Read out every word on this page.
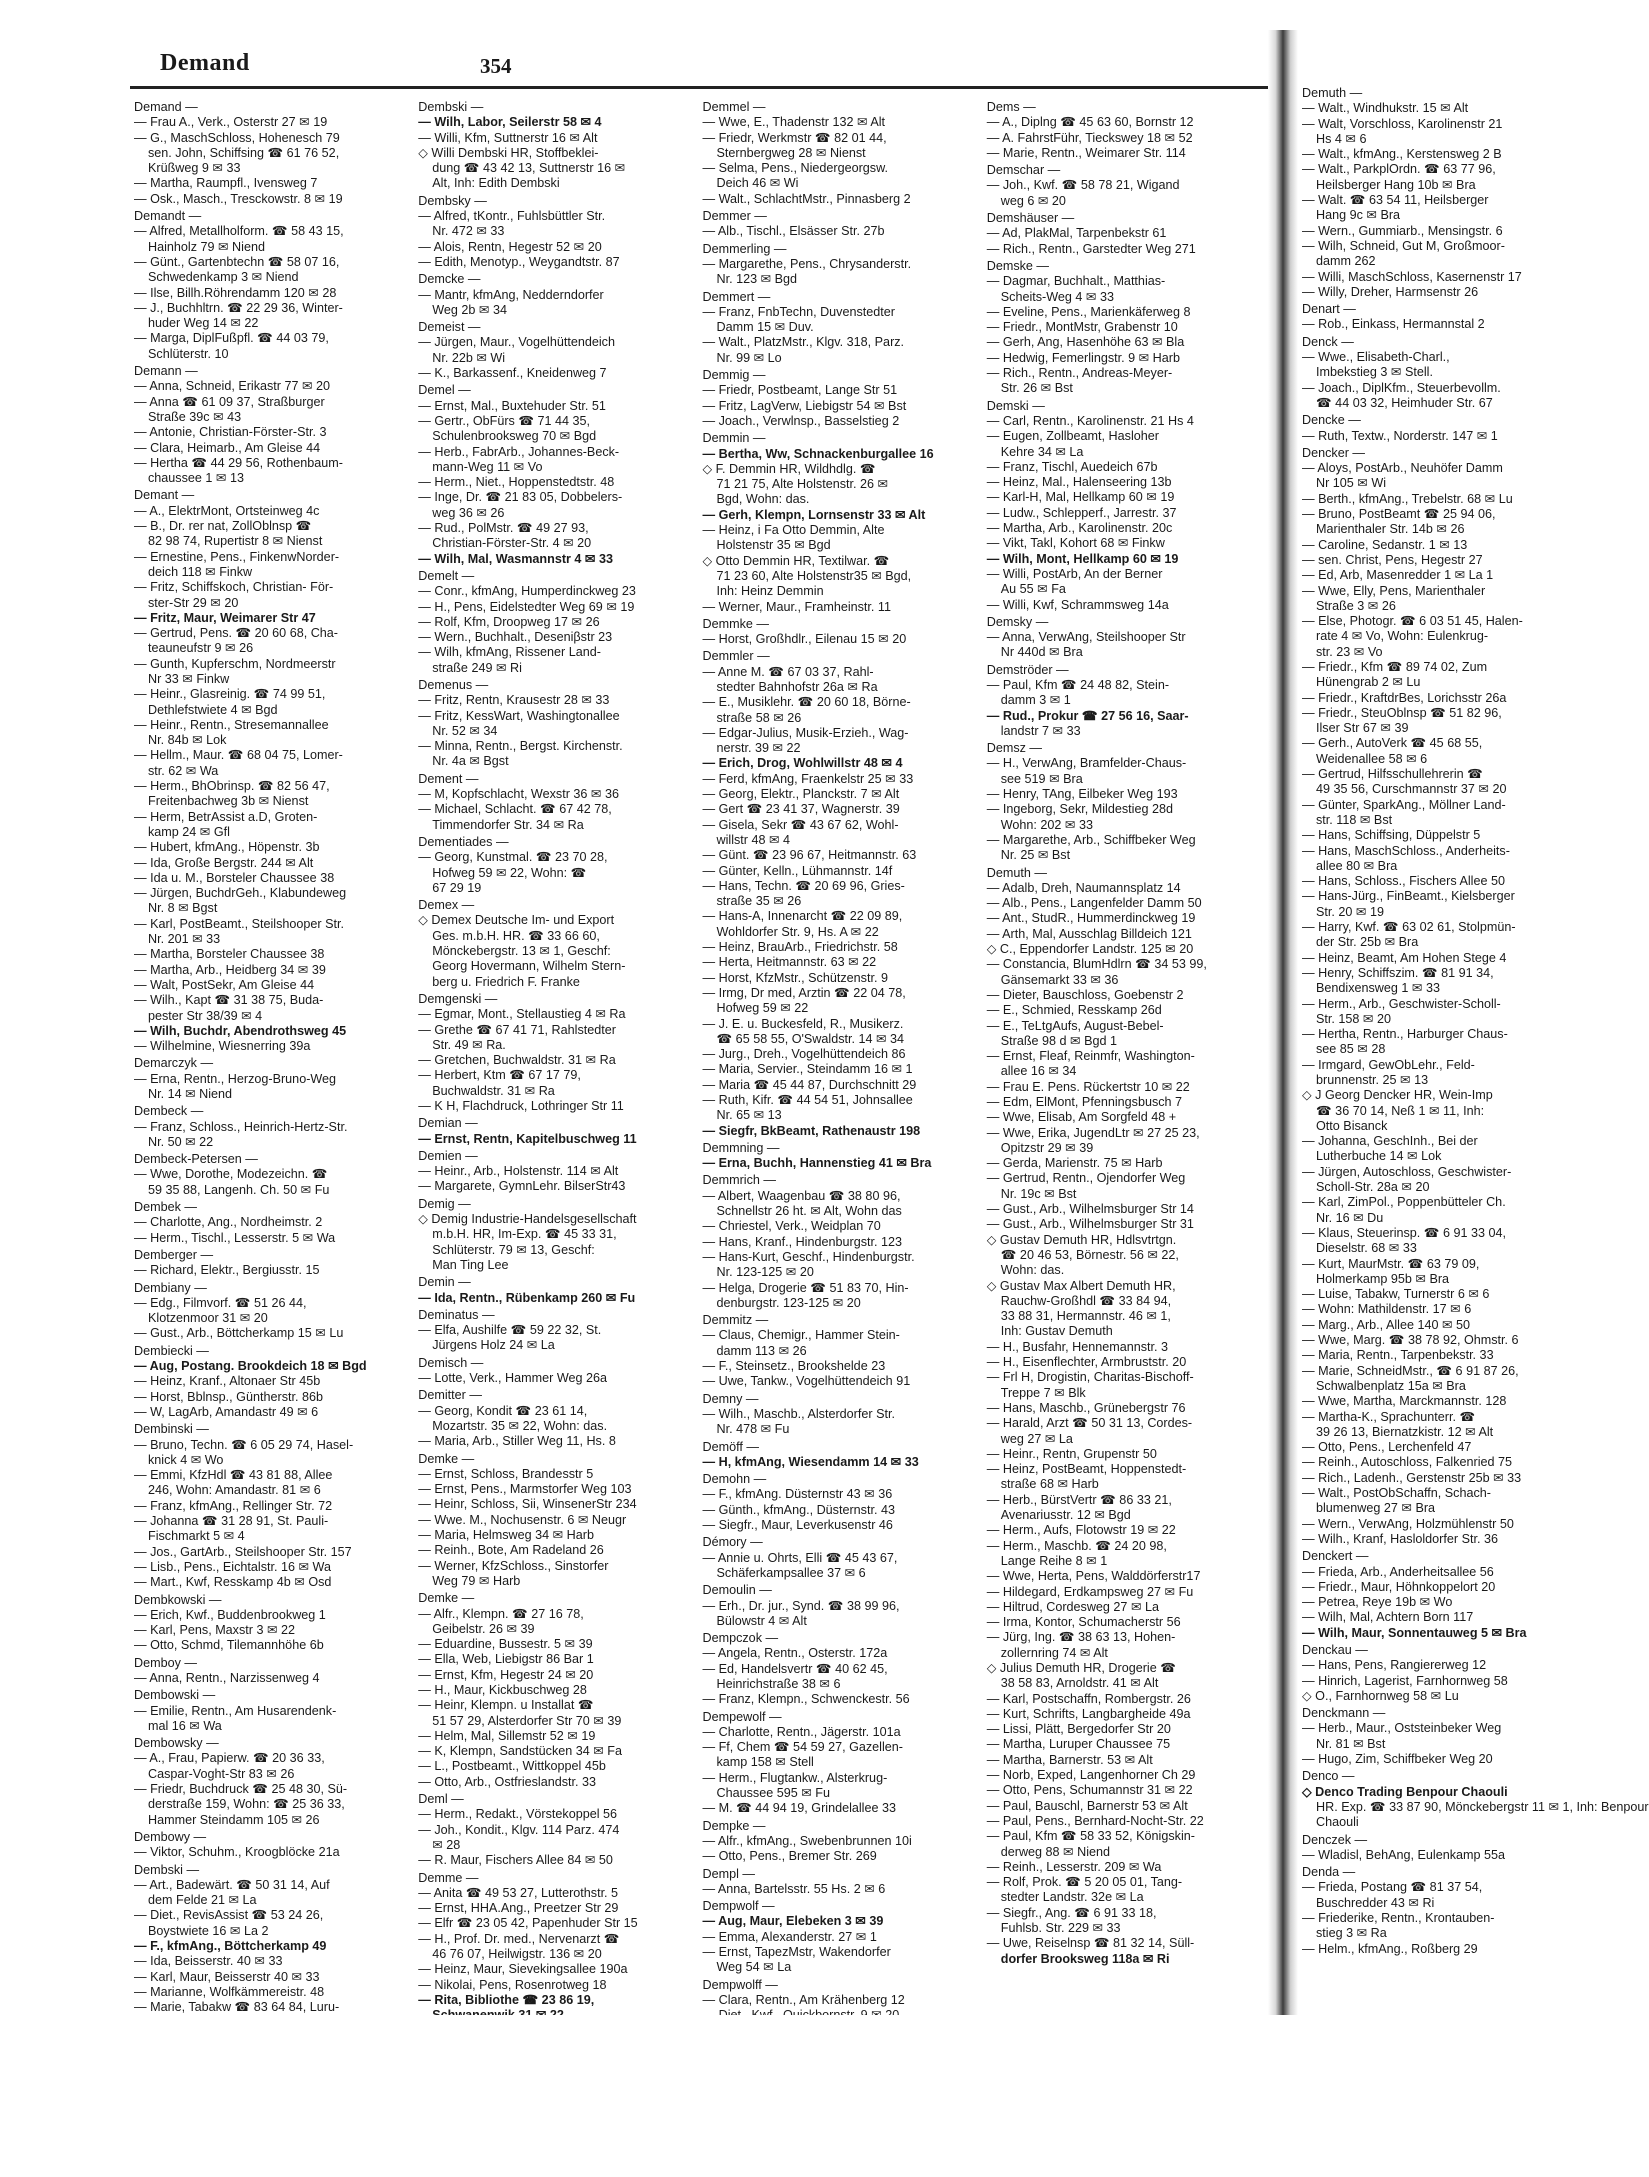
Demand	354
Demand —
— Frau A., Verk., Osterstr 27 ✉ 19
— G., MaschSchloss, Hohenesch 79
sen. John, Schiffsing ☎ 61 76 52,
Krüßweg 9 ✉ 33
— Martha, Raumpfl., Ivensweg 7
— Osk., Masch., Tresckowstr. 8 ✉ 19
Demandt —
— Alfred, Metallholform. ☎ 58 43 15,
Hainholz 79 ✉ Niend
— Günt., Gartenbtechn ☎ 58 07 16,
Schwedenkamp 3 ✉ Niend
— Ilse, Billh.Röhrendamm 120 ✉ 28
— J., Buchhltrn. ☎ 22 29 36, Winter-
huder Weg 14 ✉ 22
— Marga, DiplFußpfl. ☎ 44 03 79,
Schlüterstr. 10
Demann —
— Anna, Schneid, Erikastr 77 ✉ 20
— Anna ☎ 61 09 37, Straßburger
Straße 39c ✉ 43
— Antonie, Christian-Förster-Str. 3
— Clara, Heimarb., Am Gleise 44
— Hertha ☎ 44 29 56, Rothenbaum-
chaussee 1 ✉ 13
Demant —
— A., ElektrMont, Ortsteinweg 4c
— B., Dr. rer nat, ZollOblnsp ☎
82 98 74, Rupertistr 8 ✉ Nienst
— Ernestine, Pens., FinkenwNorder-
deich 118 ✉ Finkw
— Fritz, Schiffskoch, Christian- För-
ster-Str 29 ✉ 20
— Fritz, Maur, Weimarer Str 47
— Gertrud, Pens. ☎ 20 60 68, Cha-
teauneufstr 9 ✉ 26
— Gunth, Kupferschm, Nordmeerstr
Nr 33 ✉ Finkw
— Heinr., Glasreinig. ☎ 74 99 51,
Dethlefstwiete 4 ✉ Bgd
— Heinr., Rentn., Stresemannallee
Nr. 84b ✉ Lok
— Hellm., Maur. ☎ 68 04 75, Lomer-
str. 62 ✉ Wa
— Herm., BhObrinsp. ☎ 82 56 47,
Freitenbachweg 3b ✉ Nienst
— Herm, BetrAssist a.D, Groten-
kamp 24 ✉ Gfl
— Hubert, kfmAng., Höpenstr. 3b
— Ida, Große Bergstr. 244 ✉ Alt
— Ida u. M., Borsteler Chaussee 38
— Jürgen, BuchdrGeh., Klabundeweg
Nr. 8 ✉ Bgst
— Karl, PostBeamt., Steilshooper Str.
Nr. 201 ✉ 33
— Martha, Borsteler Chaussee 38
— Martha, Arb., Heidberg 34 ✉ 39
— Walt, PostSekr, Am Gleise 44
— Wilh., Kapt ☎ 31 38 75, Buda-
pester Str 38/39 ✉ 4
— Wilh, Buchdr, Abendrothsweg 45
— Wilhelmine, Wiesnerring 39a
Demarczyk —
— Erna, Rentn., Herzog-Bruno-Weg
Nr. 14 ✉ Niend
Dembeck —
— Franz, Schloss., Heinrich-Hertz-Str.
Nr. 50 ✉ 22
Dembeck-Petersen —
— Wwe, Dorothe, Modezeichn. ☎
59 35 88, Langenh. Ch. 50 ✉ Fu
Dembek —
— Charlotte, Ang., Nordheimstr. 2
— Herm., Tischl., Lesserstr. 5 ✉ Wa
Demberger —
— Richard, Elektr., Bergiusstr. 15
Dembiany —
— Edg., Filmvorf. ☎ 51 26 44,
Klotzenmoor 31 ✉ 20
— Gust., Arb., Böttcherkamp 15 ✉ Lu
Dembiecki —
— Aug, Postang. Brookdeich 18 ✉ Bgd
— Heinz, Kranf., Altonaer Str 45b
— Horst, Bblnsp., Güntherstr. 86b
— W, LagArb, Amandastr 49 ✉ 6
Dembinski —
— Bruno, Techn. ☎ 6 05 29 74, Hasel-
knick 4 ✉ Wo
— Emmi, KfzHdl ☎ 43 81 88, Allee
246, Wohn: Amandastr. 81 ✉ 6
— Franz, kfmAng., Rellinger Str. 72
— Johanna ☎ 31 28 91, St. Pauli-
Fischmarkt 5 ✉ 4
— Jos., GartArb., Steilshooper Str. 157
— Lisb., Pens., Eichtalstr. 16 ✉ Wa
— Mart., Kwf, Resskamp 4b ✉ Osd
Dembkowski —
— Erich, Kwf., Buddenbrookweg 1
— Karl, Pens, Maxstr 3 ✉ 22
— Otto, Schmd, Tilemannhöhe 6b
Demboy —
— Anna, Rentn., Narzissenweg 4
Dembowski —
— Emilie, Rentn., Am Husarendenk-
mal 16 ✉ Wa
Dembowsky —
— A., Frau, Papierw. ☎ 20 36 33,
Caspar-Voght-Str 83 ✉ 26
— Friedr, Buchdruck ☎ 25 48 30, Sü-
derstraße 159, Wohn: ☎ 25 36 33,
Hammer Steindamm 105 ✉ 26
Dembowy —
— Viktor, Schuhm., Kroogblöcke 21a
Dembski —
— Art., Badewärt. ☎ 50 31 14, Auf
dem Felde 21 ✉ La
— Diet., RevisAssist ☎ 53 24 26,
Boystwiete 16 ✉ La 2
— F., kfmAng., Böttcherkamp 49
— Ida, Beisserstr. 40 ✉ 33
— Karl, Maur, Beisserstr 40 ✉ 33
— Marianne, Wolfkämmereistr. 48
— Marie, Tabakw ☎ 83 64 84, Luru-
Dembski —
— Wilh, Labor, Seilerstr 58 ✉ 4
— Willi, Kfm, Suttnerstr 16 ✉ Alt
◇ Willi Dembski HR, Stoffbeklei-
dung ☎ 43 42 13, Suttnerstr 16 ✉
Alt, Inh: Edith Dembski
Dembsky —
— Alfred, tKontr., Fuhlsbüttler Str.
Nr. 472 ✉ 33
— Alois, Rentn, Hegestr 52 ✉ 20
— Edith, Menotyp., Weygandtstr. 87
Demcke —
— Mantr, kfmAng, Nedderndorfer
Weg 2b ✉ 34
Demeist —
— Jürgen, Maur., Vogelhüttendeich
Nr. 22b ✉ Wi
— K., Barkassenf., Kneidenweg 7
Demel —
— Ernst, Mal., Buxtehuder Str. 51
— Gertr., ObFürs ☎ 71 44 35,
Schulenbrooksweg 70 ✉ Bgd
— Herb., FabrArb., Johannes-Beck-
mann-Weg 11 ✉ Vo
— Herm., Niet., Hoppenstedtstr. 48
— Inge, Dr. ☎ 21 83 05, Dobbelers-
weg 36 ✉ 26
— Rud., PolMstr. ☎ 49 27 93,
Christian-Förster-Str. 4 ✉ 20
— Wilh, Mal, Wasmannstr 4 ✉ 33
Demelt —
— Conr., kfmAng, Humperdinckweg 23
— H., Pens, Eidelstedter Weg 69 ✉ 19
— Rolf, Kfm, Droopweg 17 ✉ 26
— Wern., Buchhalt., Deseniβstr 23
— Wilh, kfmAng, Rissener Land-
straße 249 ✉ Ri
Demenus —
— Fritz, Rentn, Krausestr 28 ✉ 33
— Fritz, KessWart, Washingtonallee
Nr. 52 ✉ 34
— Minna, Rentn., Bergst. Kirchenstr.
Nr. 4a ✉ Bgst
Dement —
— M, Kopfschlacht, Wexstr 36 ✉ 36
— Michael, Schlacht. ☎ 67 42 78,
Timmendorfer Str. 34 ✉ Ra
Dementiades —
— Georg, Kunstmal. ☎ 23 70 28,
Hofweg 59 ✉ 22, Wohn: ☎
67 29 19
Demex —
◇ Demex Deutsche Im- und Export
Ges. m.b.H. HR. ☎ 33 66 60,
Mönckebergstr. 13 ✉ 1, Geschf:
Georg Hovermann, Wilhelm Stern-
berg u. Friedrich F. Franke
Demgenski —
— Egmar, Mont., Stellaustieg 4 ✉ Ra
— Grethe ☎ 67 41 71, Rahlstedter
Str. 49 ✉ Ra.
— Gretchen, Buchwaldstr. 31 ✉ Ra
— Herbert, Ktm ☎ 67 17 79,
Buchwaldstr. 31 ✉ Ra
— K H, Flachdruck, Lothringer Str 11
Demian —
— Ernst, Rentn, Kapitelbuschweg 11
Demien —
— Heinr., Arb., Holstenstr. 114 ✉ Alt
— Margarete, GymnLehr. BilserStr43
Demig —
◇ Demig Industrie-Handelsgesellschaft
m.b.H. HR, Im-Exp. ☎ 45 33 31,
Schlüterstr. 79 ✉ 13, Geschf:
Man Ting Lee
Demin —
— Ida, Rentn., Rübenkamp 260 ✉ Fu
Deminatus —
— Elfa, Aushilfe ☎ 59 22 32, St.
Jürgens Holz 24 ✉ La
Demisch —
— Lotte, Verk., Hammer Weg 26a
Demitter —
— Georg, Kondit ☎ 23 61 14,
Mozartstr. 35 ✉ 22, Wohn: das.
— Maria, Arb., Stiller Weg 11, Hs. 8
Demke —
— Ernst, Schloss, Brandesstr 5
— Ernst, Pens., Marmstorfer Weg 103
— Heinr, Schloss, Sii, WinsenerStr 234
— Wwe. M., Nochusenstr. 6 ✉ Neugr
— Maria, Helmsweg 34 ✉ Harb
— Reinh., Bote, Am Radeland 26
— Werner, KfzSchloss., Sinstorfer
Weg 79 ✉ Harb
Demke —
— Alfr., Klempn. ☎ 27 16 78,
Geibelstr. 26 ✉ 39
— Eduardine, Bussestr. 5 ✉ 39
— Ella, Web, Liebigstr 86 Bar 1
— Ernst, Kfm, Hegestr 24 ✉ 20
— H., Maur, Kickbuschweg 28
— Heinr, Klempn. u Installat ☎
51 57 29, Alsterdorfer Str 70 ✉ 39
— Helm, Mal, Sillemstr 52 ✉ 19
— K, Klempn, Sandstücken 34 ✉ Fa
— L., Postbeamt., Wittkoppel 45b
— Otto, Arb., Ostfrieslandstr. 33
Deml —
— Herm., Redakt., Vörstekoppel 56
— Joh., Kondit., Klgv. 114 Parz. 474
✉ 28
— R. Maur, Fischers Allee 84 ✉ 50
Demme —
— Anita ☎ 49 53 27, Lutterothstr. 5
— Ernst, HHA.Ang., Preetzer Str 29
— Elfr ☎ 23 05 42, Papenhuder Str 15
— H., Prof. Dr. med., Nervenarzt ☎
46 76 07, Heilwigstr. 136 ✉ 20
— Heinz, Maur, Sievekingsallee 190a
— Nikolai, Pens, Rosenrotweg 18
— Rita, Bibliothe ☎ 23 86 19,
Demmel —
— Wwe, E., Thadenstr 132 ✉ Alt
— Friedr, Werkmstr ☎ 82 01 44,
Sternbergweg 28 ✉ Nienst
— Selma, Pens., Niedergeorgsw.
Deich 46 ✉ Wi
— Walt., SchlachtMstr., Pinnasberg 2
Demmer —
— Alb., Tischl., Elsässer Str. 27b
Demmerling —
— Margarethe, Pens., Chrysanderstr.
Nr. 123 ✉ Bgd
Demmert —
— Franz, FnbTechn, Duvenstedter
Damm 15 ✉ Duv.
— Walt., PlatzMstr., Klgv. 318, Parz.
Nr. 99 ✉ Lo
Demmig —
— Friedr, Postbeamt, Lange Str 51
— Fritz, LagVerw, Liebigstr 54 ✉ Bst
— Joach., Verwlnsp., Basselstieg 2
Demmin —
— Bertha, Ww, Schnackenburgallee 16
◇ F. Demmin HR, Wildhdlg. ☎
71 21 75, Alte Holstenstr. 26 ✉
Bgd, Wohn: das.
— Gerh, Klempn, Lornsenstr 33 ✉ Alt
— Heinz, i Fa Otto Demmin, Alte
Holstenstr 35 ✉ Bgd
◇ Otto Demmin HR, Textilwar. ☎
71 23 60, Alte Holstenstr35 ✉ Bgd,
Inh: Heinz Demmin
— Werner, Maur., Framheinstr. 11
Demmke —
— Horst, Großhdlr., Eilenau 15 ✉ 20
Demmler —
— Anne M. ☎ 67 03 37, Rahl-
stedter Bahnhofstr 26a ✉ Ra
— E., Musiklehr. ☎ 20 60 18, Börne-
straße 58 ✉ 26
— Edgar-Julius, Musik-Erzieh., Wag-
nerstr. 39 ✉ 22
— Erich, Drog, Wohlwillstr 48 ✉ 4
— Ferd, kfmAng, Fraenkelstr 25 ✉ 33
— Georg, Elektr., Planckstr. 7 ✉ Alt
— Gert ☎ 23 41 37, Wagnerstr. 39
— Gisela, Sekr ☎ 43 67 62, Wohl-
willstr 48 ✉ 4
— Günt. ☎ 23 96 67, Heitmannstr. 63
— Günter, Kelln., Lühmannstr. 14f
— Hans, Techn. ☎ 20 69 96, Gries-
straße 35 ✉ 26
— Hans-A, Innenarcht ☎ 22 09 89,
Wohldorfer Str. 9, Hs. A ✉ 22
— Heinz, BrauArb., Friedrichstr. 58
— Herta, Heitmannstr. 63 ✉ 22
— Horst, KfzMstr., Schützenstr. 9
— Irmg, Dr med, Arztin ☎ 22 04 78,
Hofweg 59 ✉ 22
— J. E. u. Buckesfeld, R., Musikerz.
☎ 65 58 55, O'Swaldstr. 14 ✉ 34
— Jurg., Dreh., Vogelhüttendeich 86
— Maria, Servier., Steindamm 16 ✉ 1
— Maria ☎ 45 44 87, Durchschnitt 29
— Ruth, Kifr. ☎ 44 54 51, Johnsallee
Nr. 65 ✉ 13
— Siegfr, BkBeamt, Rathenaustr 198
Demmning —
— Erna, Buchh, Hannenstieg 41 ✉ Bra
Demmrich —
— Albert, Waagenbau ☎ 38 80 96,
Schnellstr 26 ht. ✉ Alt, Wohn das
— Chriestel, Verk., Weidplan 70
— Hans, Kranf., Hindenburgstr. 123
— Hans-Kurt, Geschf., Hindenburgstr.
Nr. 123-125 ✉ 20
— Helga, Drogerie ☎ 51 83 70, Hin-
denburgstr. 123-125 ✉ 20
Demmitz —
— Claus, Chemigr., Hammer Stein-
damm 113 ✉ 26
— F., Steinsetz., Brookshelde 23
— Uwe, Tankw., Vogelhüttendeich 91
Demny —
— Wilh., Maschb., Alsterdorfer Str.
Nr. 478 ✉ Fu
Demöff —
— H, kfmAng, Wiesendamm 14 ✉ 33
Demohn —
— F., kfmAng. Düsternstr 43 ✉ 36
— Günth., kfmAng., Düsternstr. 43
— Siegfr., Maur, Leverkusenstr 46
Démory —
— Annie u. Ohrts, Elli ☎ 45 43 67,
Schäferkampsallee 37 ✉ 6
Demoulin —
— Erh., Dr. jur., Synd. ☎ 38 99 96,
Bülowstr 4 ✉ Alt
Dempczok —
— Angela, Rentn., Osterstr. 172a
— Ed, Handelsvertr ☎ 40 62 45,
Heinrichstraße 38 ✉ 6
— Franz, Klempn., Schwenckestr. 56
Dempewolf —
— Charlotte, Rentn., Jägerstr. 101a
— Ff, Chem ☎ 54 59 27, Gazellen-
kamp 158 ✉ Stell
— Herm., Flugtankw., Alsterkrug-
Chaussee 595 ✉ Fu
— M. ☎ 44 94 19, Grindelallee 33
Dempke —
— Alfr., kfmAng., Swebenbrunnen 10i
— Otto, Pens., Bremer Str. 269
Dempl —
— Anna, Bartelsstr. 55 Hs. 2 ✉ 6
Dempwolf —
— Aug, Maur, Elebeken 3 ✉ 39
— Emma, Alexanderstr. 27 ✉ 1
— Ernst, TapezMstr, Wakendorfer
Weg 54 ✉ La
Dempwolff —
— Clara, Rentn., Am Krähenberg 12
Dems —
— A., Diplng ☎ 45 63 60, Bornstr 12
— A. FahrstFühr, Tieckswey 18 ✉ 52
— Marie, Rentn., Weimarer Str. 114
Demschar —
— Joh., Kwf. ☎ 58 78 21, Wigand
weg 6 ✉ 20
Demshäuser —
— Ad, PlakMal, Tarpenbekstr 61
— Rich., Rentn., Garstedter Weg 271
Demske —
— Dagmar, Buchhalt., Matthias-
Scheits-Weg 4 ✉ 33
— Eveline, Pens., Marienkäferweg 8
— Friedr., MontMstr, Grabenstr 10
— Gerh, Ang, Hasenhöhe 63 ✉ Bla
— Hedwig, Femerlingstr. 9 ✉ Harb
— Rich., Rentn., Andreas-Meyer-
Str. 26 ✉ Bst
Demski —
— Carl, Rentn., Karolinenstr. 21 Hs 4
— Eugen, Zollbeamt, Hasloher
Kehre 34 ✉ La
— Franz, Tischl, Auedeich 67b
— Heinz, Mal., Halenseering 13b
— Karl-H, Mal, Hellkamp 60 ✉ 19
— Ludw., Schlepperf., Jarrestr. 37
— Martha, Arb., Karolinenstr. 20c
— Vikt, Takl, Kohort 68 ✉ Finkw
— Wilh, Mont, Hellkamp 60 ✉ 19
— Willi, PostArb, An der Berner
Au 55 ✉ Fa
— Willi, Kwf, Schrammsweg 14a
Demsky —
— Anna, VerwAng, Steilshooper Str
Nr 440d ✉ Bra
Demströder —
— Paul, Kfm ☎ 24 48 82, Stein-
damm 3 ✉ 1
— Rud., Prokur ☎ 27 56 16, Saar-
landstr 7 ✉ 33
Demsz —
— H., VerwAng, Bramfelder-Chaus-
see 519 ✉ Bra
— Henry, TAng, Eilbeker Weg 193
— Ingeborg, Sekr, Mildestieg 28d
Wohn: 202 ✉ 33
— Margarethe, Arb., Schiffbeker Weg
Nr. 25 ✉ Bst
Demuth —
— Adalb, Dreh, Naumannsplatz 14
— Alb., Pens., Langenfelder Damm 50
— Ant., StudR., Hummerdinckweg 19
— Arth, Mal, Ausschlag Billdeich 121
◇ C., Eppendorfer Landstr. 125 ✉ 20
— Constancia, BlumHdlrn ☎ 34 53 99,
Gänsemarkt 33 ✉ 36
— Dieter, Bauschloss, Goebenstr 2
— E., Schmied, Resskamp 26d
— E., TeLtgAufs, August-Bebel-
Straße 98 d ✉ Bgd 1
— Ernst, Fleaf, Reinmfr, Washington-
allee 16 ✉ 34
— Frau E. Pens. Rückertstr 10 ✉ 22
— Edm, ElMont, Pfenningsbusch 7
— Wwe, Elisab, Am Sorgfeld 48 +
— Wwe, Erika, JugendLtr ✉ 27 25 23,
Opitzstr 29 ✉ 39
— Gerda, Marienstr. 75 ✉ Harb
— Gertrud, Rentn., Ojendorfer Weg
Nr. 19c ✉ Bst
— Gust., Arb., Wilhelmsburger Str 14
— Gust., Arb., Wilhelmsburger Str 31
◇ Gustav Demuth HR, Hdlsvtrtgn.
☎ 20 46 53, Börnestr. 56 ✉ 22,
Wohn: das.
◇ Gustav Max Albert Demuth HR,
Rauchw-Großhdl ☎ 33 84 94,
33 88 31, Hermannstr. 46 ✉ 1,
Inh: Gustav Demuth
— H., Busfahr, Hennemannstr. 3
— H., Eisenflechter, Armbruststr. 20
— Frl H, Drogistin, Charitas-Bischoff-
Treppe 7 ✉ Blk
— Hans, Maschb., Grünebergstr 76
— Harald, Arzt ☎ 50 31 13, Cordes-
weg 27 ✉ La
— Heinr., Rentn, Grupenstr 50
— Heinz, PostBeamt, Hoppenstedt-
straße 68 ✉ Harb
— Herb., BürstVertr ☎ 86 33 21,
Avenariusstr. 12 ✉ Bgd
— Herm., Aufs, Flotowstr 19 ✉ 22
— Herm., Maschb. ☎ 24 20 98,
Lange Reihe 8 ✉ 1
— Wwe, Herta, Pens, Walddörferstr17
— Hildegard, Erdkampsweg 27 ✉ Fu
— Hiltrud, Cordesweg 27 ✉ La
— Irma, Kontor, Schumacherstr 56
— Jürg, Ing. ☎ 38 63 13, Hohen-
zollernring 74 ✉ Alt
◇ Julius Demuth HR, Drogerie ☎
38 58 83, Arnoldstr. 41 ✉ Alt
— Karl, Postschaffn, Rombergstr. 26
— Kurt, Schrifts, Langbargheide 49a
— Lissi, Plätt, Bergedorfer Str 20
— Martha, Luruper Chaussee 75
— Martha, Barnerstr. 53 ✉ Alt
— Norb, Exped, Langenhorner Ch 29
— Otto, Pens, Schumannstr 31 ✉ 22
— Paul, Bauschl, Barnerstr 53 ✉ Alt
— Paul, Pens., Bernhard-Nocht-Str. 22
— Paul, Kfm ☎ 58 33 52, Königskin-
derweg 88 ✉ Niend
— Reinh., Lesserstr. 209 ✉ Wa
— Rolf, Prok. ☎ 5 20 05 01, Tang-
stedter Landstr. 32e ✉ La
— Siegfr., Ang. ☎ 6 91 33 18,
Fuhlsb. Str. 229 ✉ 33
— Uwe, Reiselnsp ☎ 81 32 14, Süll-
dorfer Brooksweg 118a ✉ Ri
Demuth —
— Walt., Windhukstr. 15 ✉ Alt
— Walt, Vorschloss, Karolinenstr 21
Hs 4 ✉ 6
— Walt., kfmAng., Kerstensweg 2 B
— Walt., ParkplOrdn. ☎ 63 77 96,
Heilsberger Hang 10b ✉ Bra
— Walt. ☎ 63 54 11, Heilsberger
Hang 9c ✉ Bra
— Wern., Gummiarb., Mensingstr. 6
— Wilh, Schneid, Gut M, Großmoor-
damm 262
— Willi, MaschSchloss, Kasernenstr 17
— Willy, Dreher, Harmsenstr 26
Denart —
— Rob., Einkass, Hermannstal 2
Denck —
— Wwe., Elisabeth-Charl.,
Imbekstieg 3 ✉ Stell.
— Joach., DiplKfm., Steuerbevollm.
☎ 44 03 32, Heimhuder Str. 67
Dencke —
— Ruth, Textw., Norderstr. 147 ✉ 1
Dencker —
— Aloys, PostArb., Neuhöfer Damm
Nr 105 ✉ Wi
— Berth., kfmAng., Trebelstr. 68 ✉ Lu
— Bruno, PostBeamt ☎ 25 94 06,
Marienthaler Str. 14b ✉ 26
— Caroline, Sedanstr. 1 ✉ 13
— sen. Christ, Pens, Hegestr 27
— Ed, Arb, Masenredder 1 ✉ La 1
— Wwe, Elly, Pens, Marienthaler
Straße 3 ✉ 26
— Else, Photogr. ☎ 6 03 51 45, Halen-
rate 4 ✉ Vo, Wohn: Eulenkrug-
str. 23 ✉ Vo
— Friedr., Kfm ☎ 89 74 02, Zum
Hünengrab 2 ✉ Lu
— Friedr., KraftdrBes, Lorichsstr 26a
— Friedr., SteuOblnsp ☎ 51 82 96,
Ilser Str 67 ✉ 39
— Gerh., AutoVerk ☎ 45 68 55,
Weidenallee 58 ✉ 6
— Gertrud, Hilfsschullehrerin ☎
49 35 56, Curschmannstr 37 ✉ 20
— Günter, SparkAng., Möllner Land-
str. 118 ✉ Bst
— Hans, Schiffsing, Düppelstr 5
— Hans, MaschSchloss., Anderheits-
allee 80 ✉ Bra
— Hans, Schloss., Fischers Allee 50
— Hans-Jürg., FinBeamt., Kielsberger
Str. 20 ✉ 19
— Harry, Kwf. ☎ 63 02 61, Stolpmün-
der Str. 25b ✉ Bra
— Heinz, Beamt, Am Hohen Stege 4
— Henry, Schiffszim. ☎ 81 91 34,
Bendixensweg 1 ✉ 33
— Herm., Arb., Geschwister-Scholl-
Str. 158 ✉ 20
— Hertha, Rentn., Harburger Chaus-
see 85 ✉ 28
— Irmgard, GewObLehr., Feld-
brunnenstr. 25 ✉ 13
◇ J Georg Dencker HR, Wein-Imp
☎ 36 70 14, Neß 1 ✉ 11, Inh:
Otto Bisanck
— Johanna, GeschInh., Bei der
Lutherbuche 14 ✉ Lok
— Jürgen, Autoschloss, Geschwister-
Scholl-Str. 28a ✉ 20
— Karl, ZimPol., Poppenbütteler Ch.
Nr. 16 ✉ Du
— Klaus, Steuerinsp. ☎ 6 91 33 04,
Dieselstr. 68 ✉ 33
— Kurt, MaurMstr. ☎ 63 79 09,
Holmerkamp 95b ✉ Bra
— Luise, Tabakw, Turnerstr 6 ✉ 6
— Wohn: Mathildenstr. 17 ✉ 6
— Marg., Arb., Allee 140 ✉ 50
— Wwe, Marg. ☎ 38 78 92, Ohmstr. 6
— Maria, Rentn., Tarpenbekstr. 33
— Marie, SchneidMstr., ☎ 6 91 87 26,
Schwalbenplatz 15a ✉ Bra
— Wwe, Martha, Marckmannstr. 128
— Martha-K., Sprachunterr. ☎
39 26 13, Biernatzkistr. 12 ✉ Alt
— Otto, Pens., Lerchenfeld 47
— Reinh., Autoschloss, Falkenried 75
— Rich., Ladenh., Gerstenstr 25b ✉ 33
— Walt., PostObSchaffn, Schach-
blumenweg 27 ✉ Bra
— Wern., VerwAng, Holzmühlenstr 50
— Wilh., Kranf, Hasloldorfer Str. 36
Denckert —
— Frieda, Arb., Anderheitsallee 56
— Friedr., Maur, Höhnkoppelort 20
— Petrea, Reye 19b ✉ Wo
— Wilh, Mal, Achtern Born 117
— Wilh, Maur, Sonnentauweg 5 ✉ Bra
Denckau —
— Hans, Pens, Rangiererweg 12
— Hinrich, Lagerist, Farnhornweg 58
◇ O., Farnhornweg 58 ✉ Lu
Denckmann —
— Herb., Maur., Oststeinbeker Weg
Nr. 81 ✉ Bst
— Hugo, Zim, Schiffbeker Weg 20
Denco —
◇ Denco Trading Benpour Chaouli
HR. Exp. ☎ 33 87 90, Mönckebergstr 11 ✉ 1, Inh: Benpour
Chaouli
Denczek —
— Wladisl, BehAng, Eulenkamp 55a
Denda —
— Frieda, Postang ☎ 81 37 54,
Buschredder 43 ✉ Ri
— Friederike, Rentn., Krontauben-
stieg 3 ✉ Ra
— Helm., kfmAng., Roßberg 29
